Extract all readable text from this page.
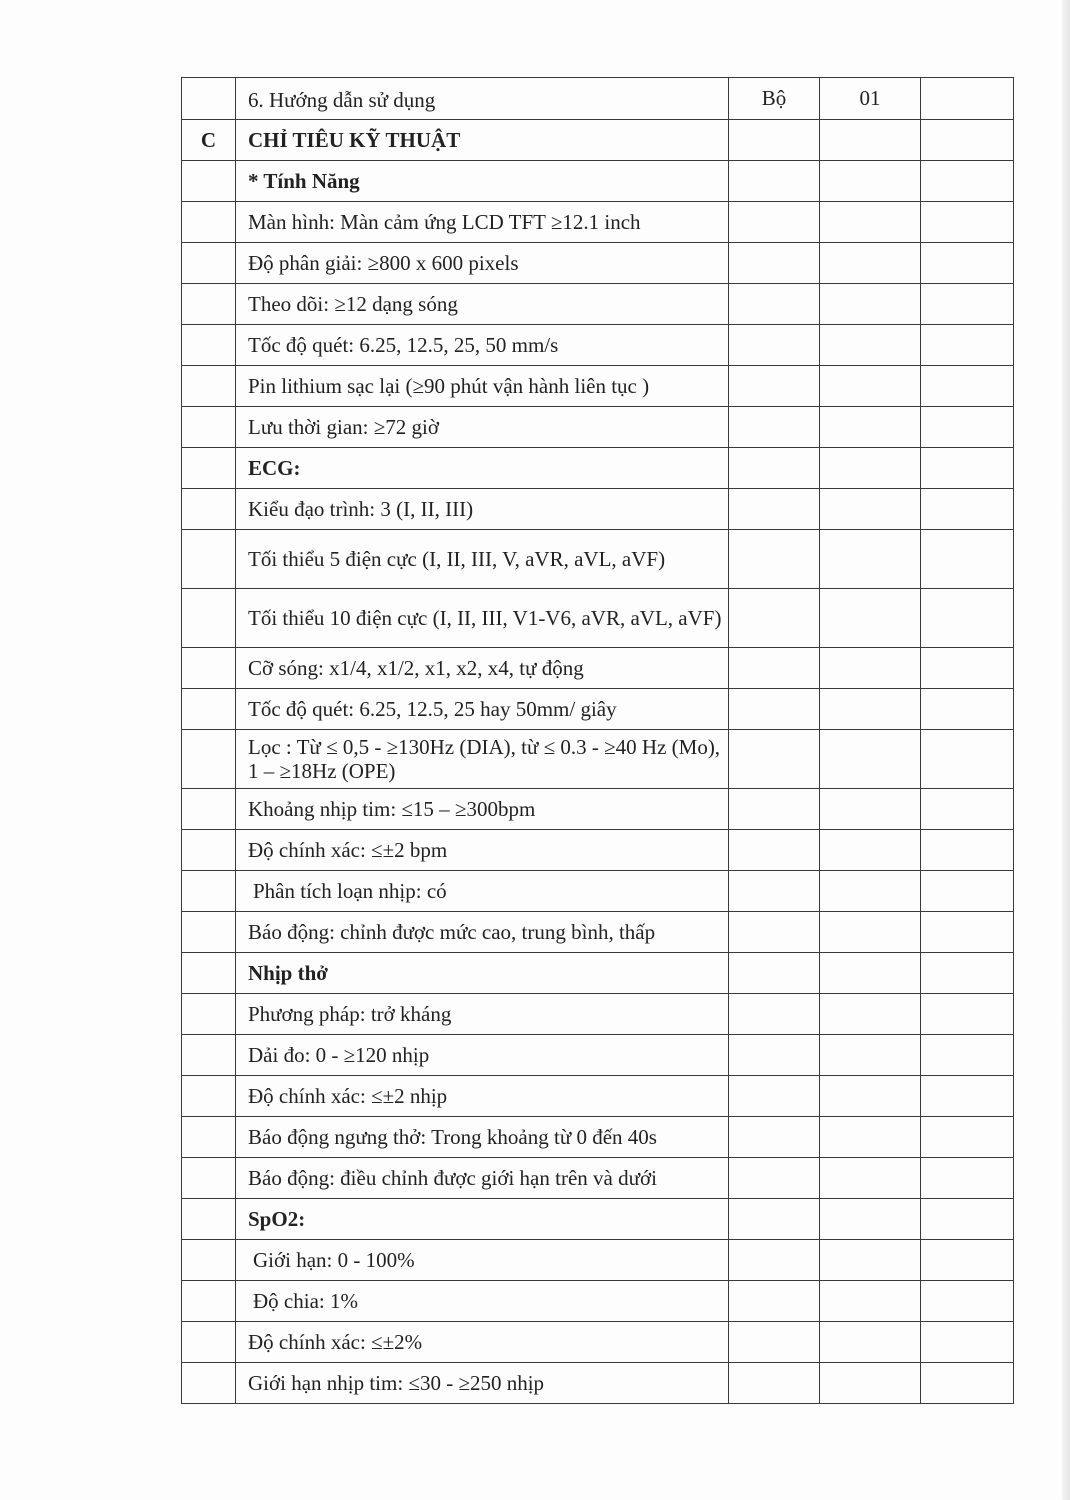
	6. Hướng dẫn sử dụng	Bộ	01	
C	CHỈ TIÊU KỸ THUẬT			
	* Tính Năng			
	Màn hình: Màn cảm ứng LCD TFT ≥12.1 inch			
	Độ phân giải: ≥800 x 600 pixels			
	Theo dõi: ≥12 dạng sóng			
	Tốc độ quét: 6.25, 12.5, 25, 50 mm/s			
	Pin lithium sạc lại (≥90 phút vận hành liên tục )			
	Lưu thời gian: ≥72 giờ			
	ECG:			
	Kiểu đạo trình: 3 (I, II, III)			
	Tối thiểu 5 điện cực (I, II, III, V, aVR, aVL, aVF)			
	Tối thiểu 10 điện cực (I, II, III, V1-V6, aVR, aVL, aVF)			
	Cỡ sóng: x1/4, x1/2, x1, x2, x4, tự động			
	Tốc độ quét: 6.25, 12.5, 25 hay 50mm/ giây			
	Lọc : Từ ≤ 0,5 - ≥130Hz (DIA), từ ≤ 0.3 - ≥40 Hz (Mo), 1 – ≥18Hz (OPE)			
	Khoảng nhịp tim: ≤15 – ≥300bpm			
	Độ chính xác: ≤±2 bpm			
	Phân tích loạn nhịp: có			
	Báo động: chỉnh được mức cao, trung bình, thấp			
	Nhịp thở			
	Phương pháp: trở kháng			
	Dải đo: 0 - ≥120 nhịp			
	Độ chính xác: ≤±2 nhịp			
	Báo động ngưng thở: Trong khoảng từ 0 đến 40s			
	Báo động: điều chỉnh được giới hạn trên và dưới			
	SpO2:			
	Giới hạn: 0 - 100%			
	Độ chia: 1%			
	Độ chính xác: ≤±2%			
	Giới hạn nhịp tim: ≤30 - ≥250 nhịp			
